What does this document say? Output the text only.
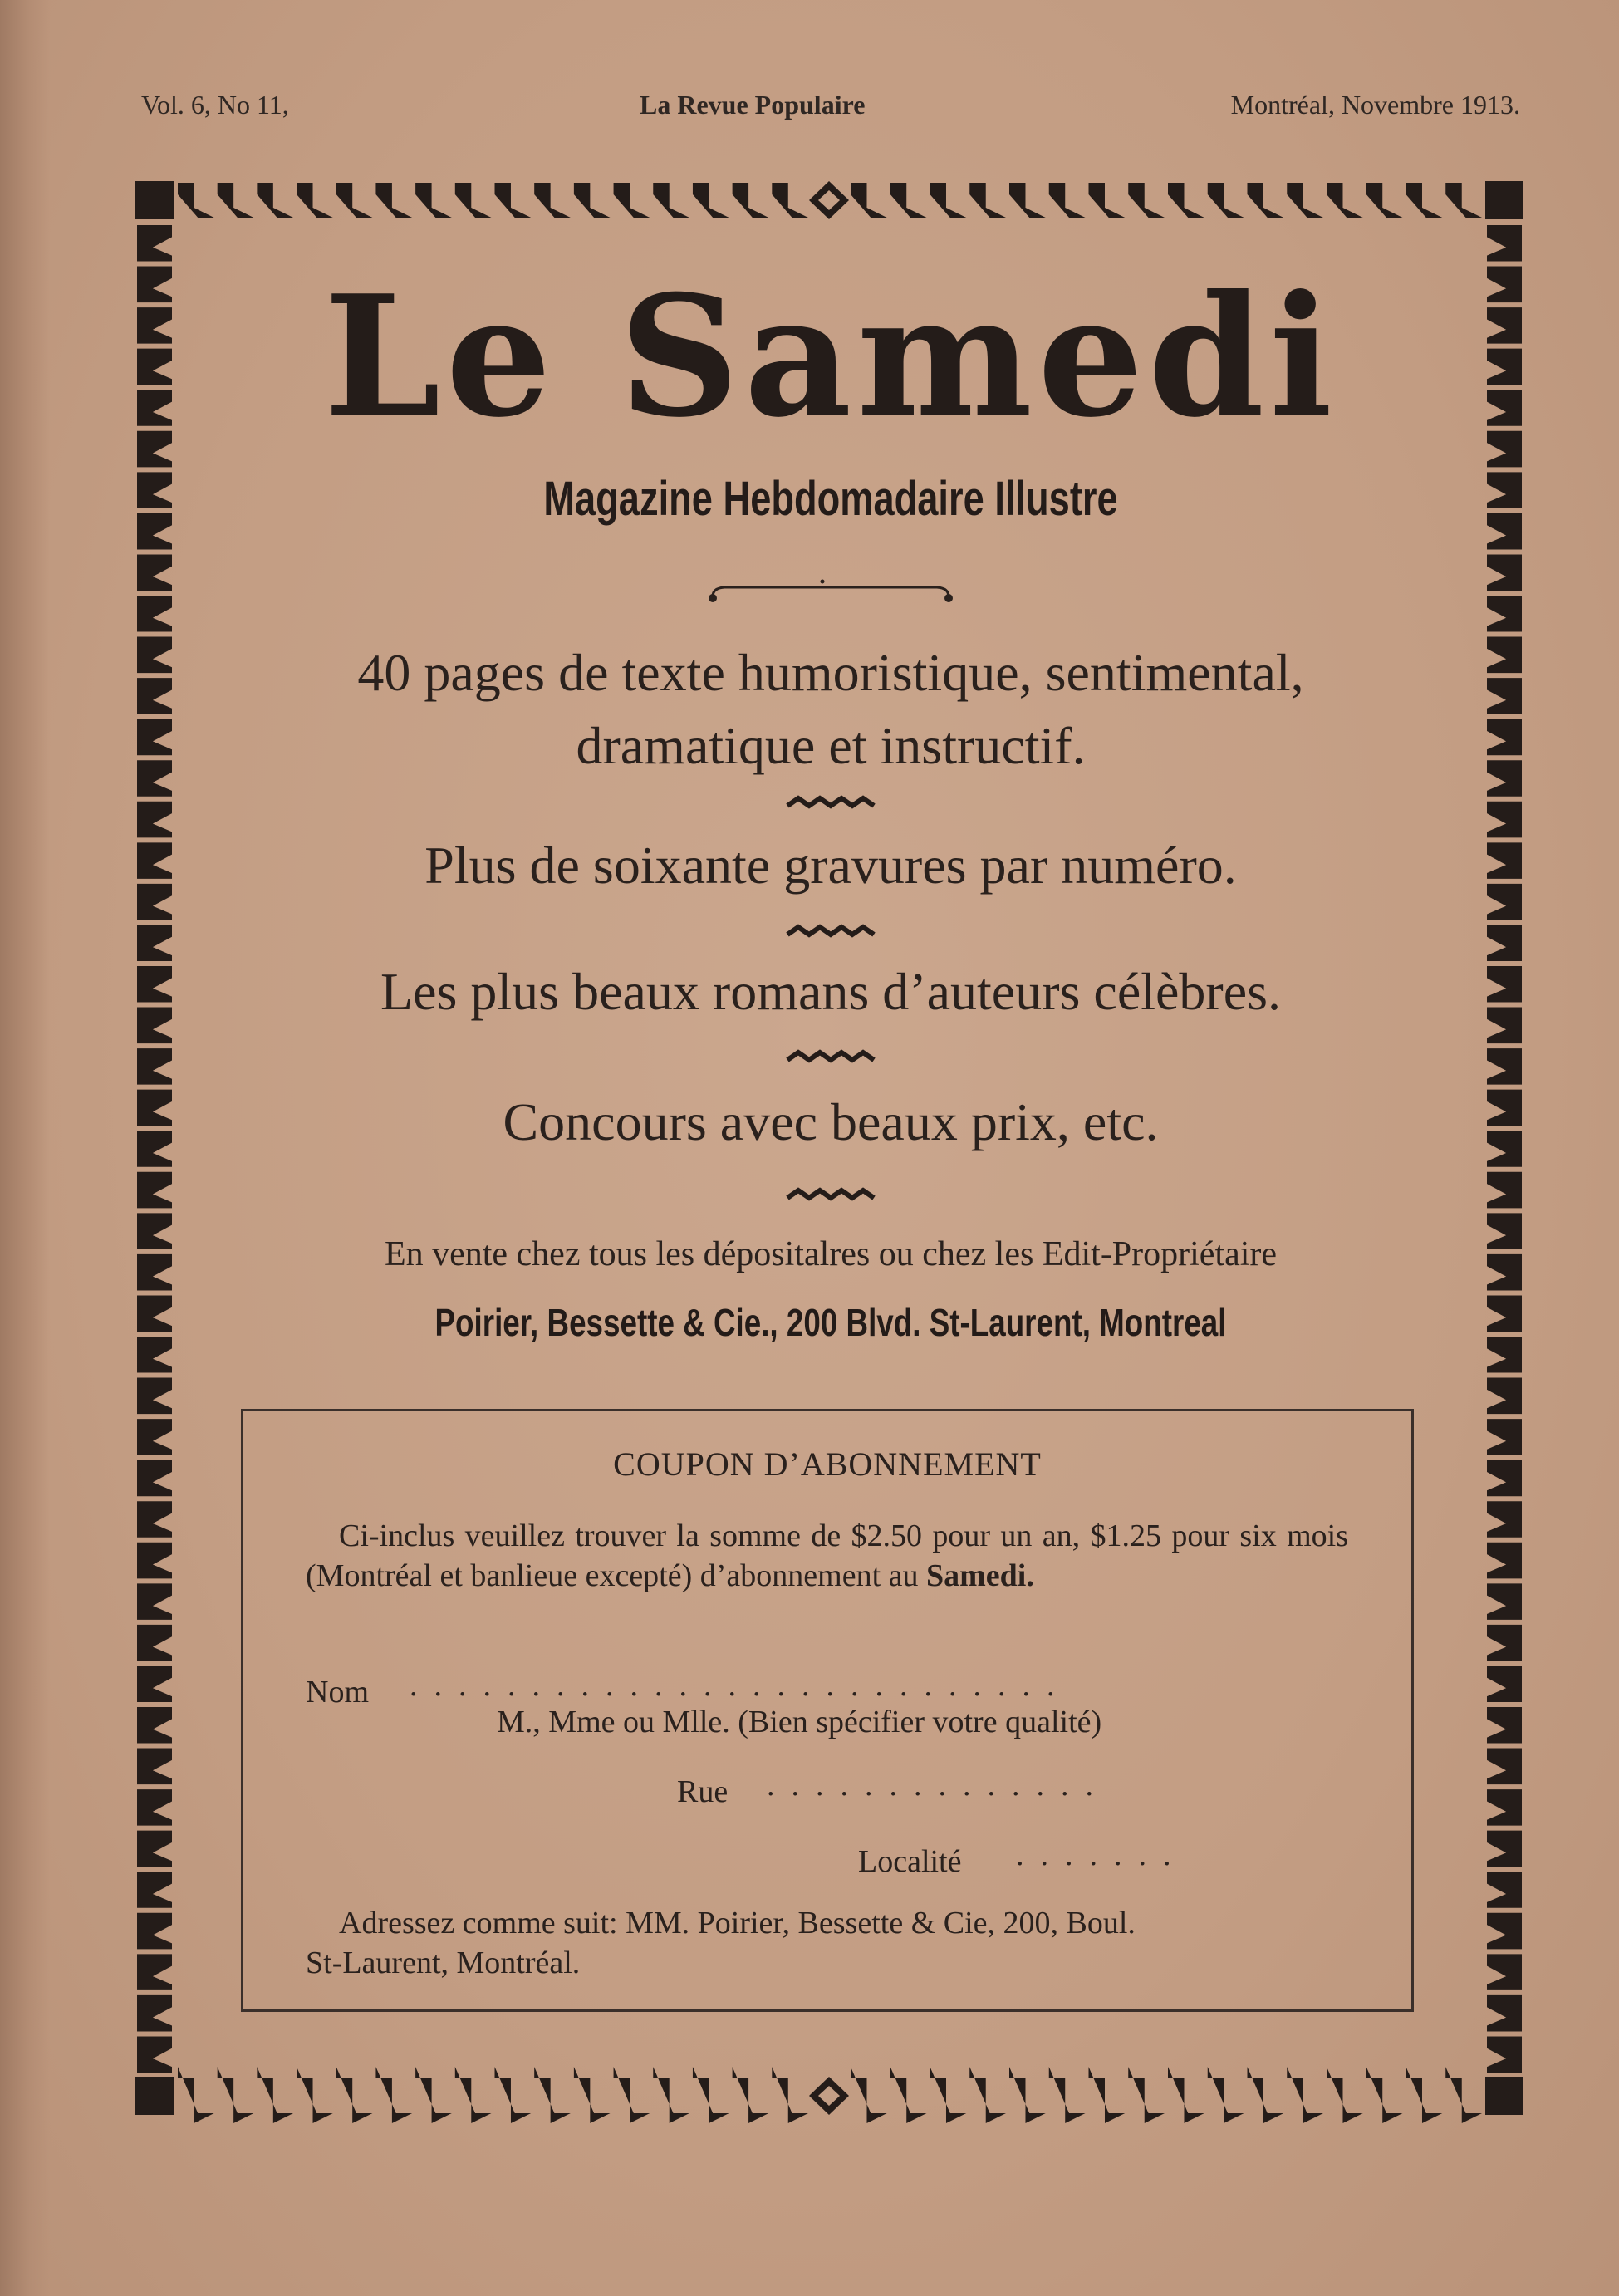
Vol. 6, No 11,	La Revue Populaire	Montréal, Novembre 1913.
Le Samedi
Magazine Hebdomadaire Illustre
40 pages de texte humoristique, sentimental,
dramatique et instructif.
Plus de soixante gravures par numéro.
Les plus beaux romans d’auteurs célèbres.
Concours avec beaux prix, etc.
En vente chez tous les dépositalres ou chez les Edit-Propriétaire
Poirier, Bessette & Cie., 200 Blvd. St-Laurent, Montreal
COUPON D’ABONNEMENT
Ci-inclus veuillez trouver la somme de $2.50 pour un an, $1.25 pour six mois (Montréal et banlieue excepté) d’abonnement au Samedi.
Nom ...........................
M., Mme ou Mlle. (Bien spécifier votre qualité)
Rue ..............
Localité .......
Adressez comme suit: MM. Poirier, Bessette & Cie, 200, Boul.
St-Laurent, Montréal.
